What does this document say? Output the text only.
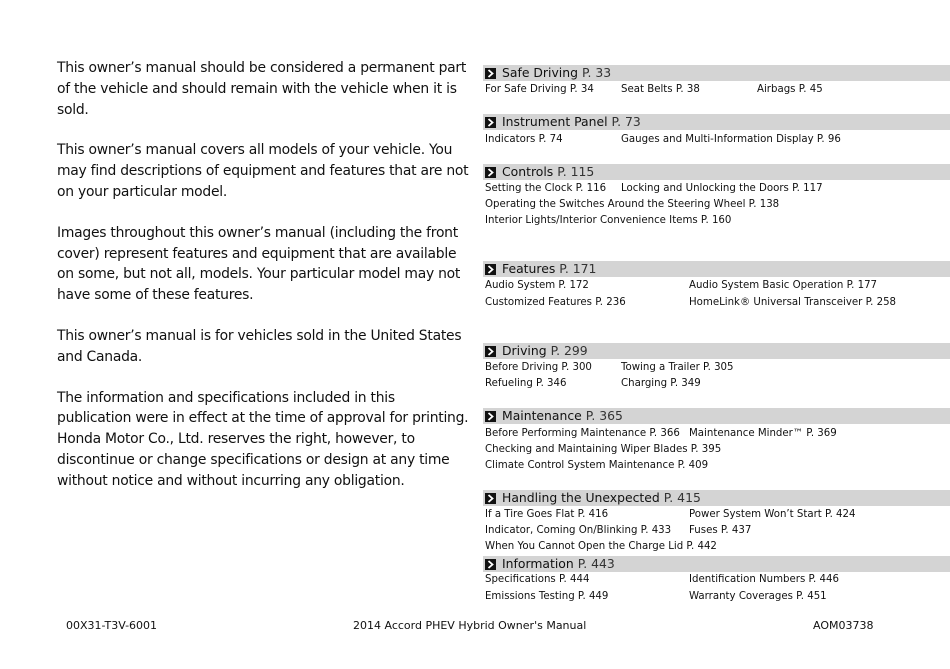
This owner’s manual should be considered a permanent part of the vehicle and should remain with the vehicle when it is sold.

This owner’s manual covers all models of your vehicle. You may find descriptions of equipment and features that are not on your particular model.

Images throughout this owner’s manual (including the front cover) represent features and equipment that are available on some, but not all, models. Your particular model may not have some of these features.

This owner’s manual is for vehicles sold in the United States and Canada.

The information and specifications included in this publication were in effect at the time of approval for printing. Honda Motor Co., Ltd. reserves the right, however, to discontinue or change specifications or design at any time without notice and without incurring any obligation.

Safe Driving P. 33
For Safe Driving P. 34	Seat Belts P. 38	Airbags P. 45
Instrument Panel P. 73
Indicators P. 74	Gauges and Multi-Information Display P. 96
Controls P. 115
Setting the Clock P. 116 Locking and Unlocking the Doors P. 117
Operating the Switches Around the Steering Wheel P. 138
Interior Lights/Interior Convenience Items P. 160
Features P. 171
Audio System P. 172	Audio System Basic Operation P. 177
Customized Features P. 236	HomeLink® Universal Transceiver P. 258
Driving P. 299
Before Driving P. 300	Towing a Trailer P. 305
Refueling P. 346	Charging P. 349
Maintenance P. 365
Before Performing Maintenance P. 366 Maintenance Minder™ P. 369
Checking and Maintaining Wiper Blades P. 395
Climate Control System Maintenance P. 409
Handling the Unexpected P. 415
If a Tire Goes Flat P. 416	Power System Won’t Start P. 424
Indicator, Coming On/Blinking P. 433 Fuses P. 437
When You Cannot Open the Charge Lid P. 442
Information P. 443
Specifications P. 444	Identification Numbers P. 446
Emissions Testing P. 449	Warranty Coverages P. 451
00X31-T3V-6001	2014 Accord PHEV Hybrid Owner's Manual	AOM03738
